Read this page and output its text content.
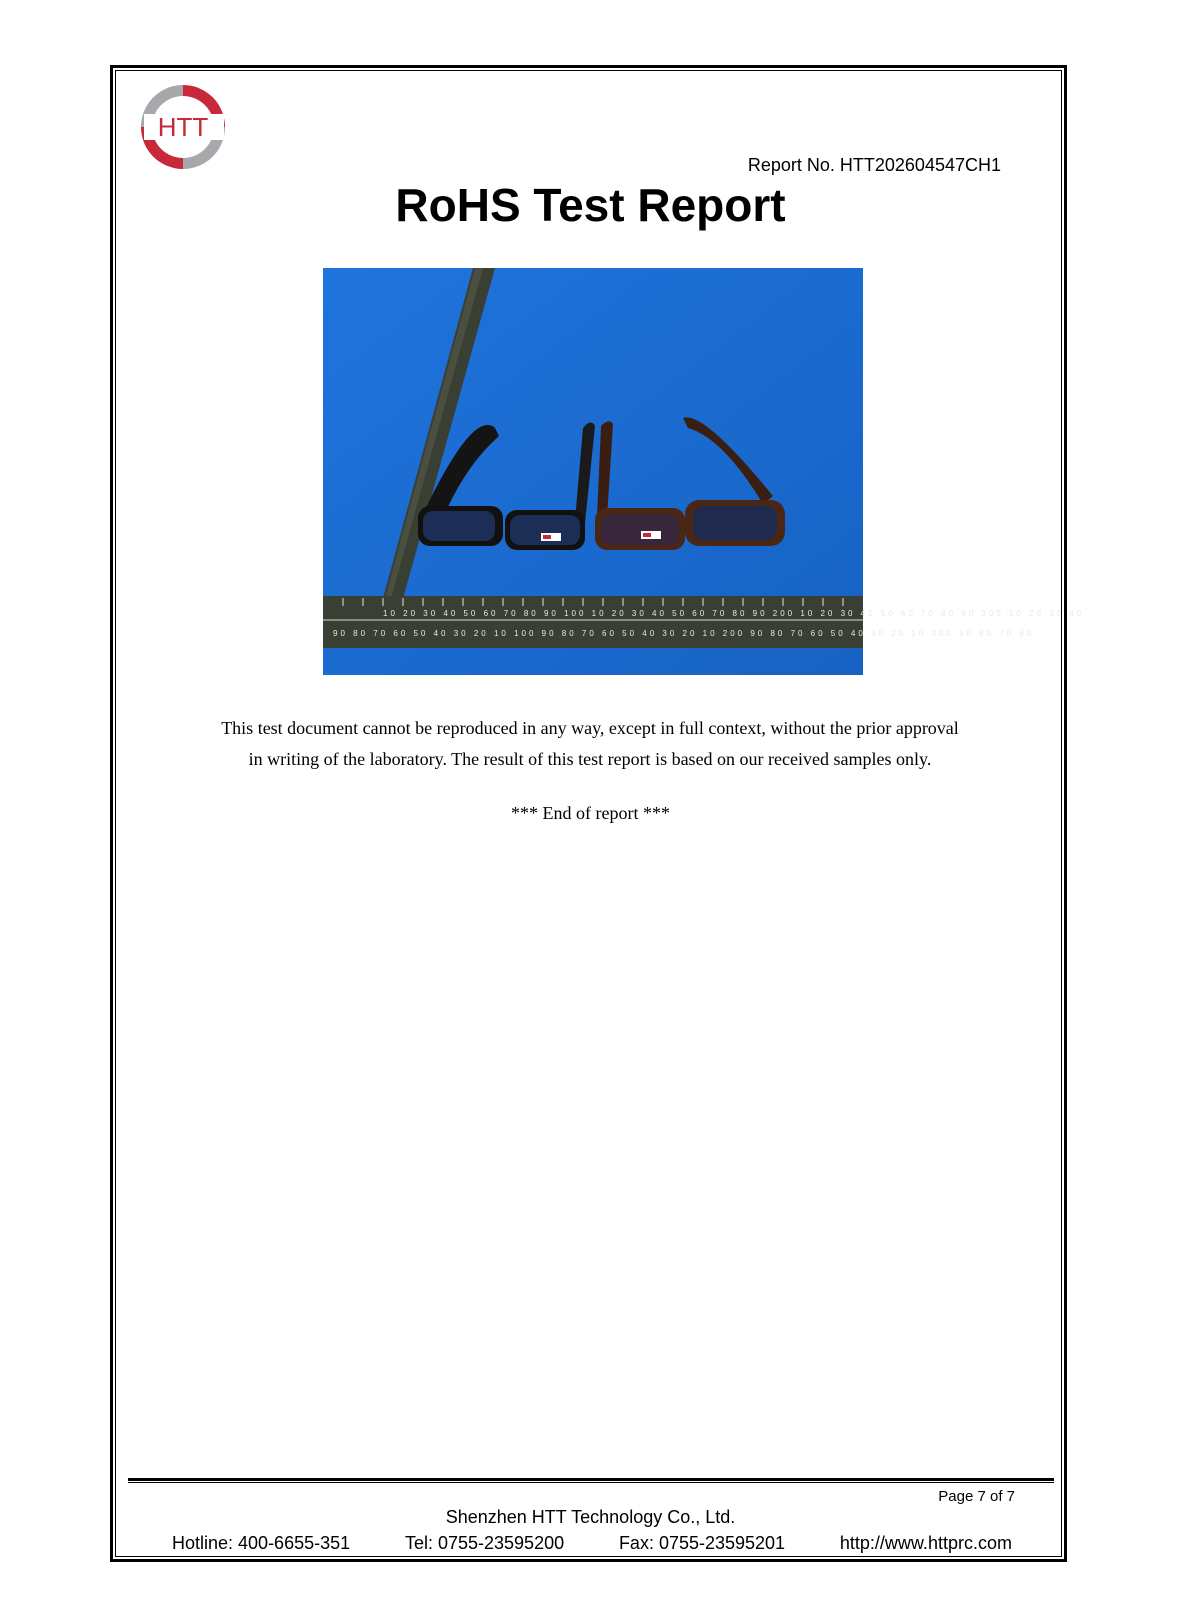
HTT
Report No. HTT202604547CH1
RoHS Test Report
10 20 30 40 50 60 70 80 90 100 10 20 30 40 50 60 70 80 90 200 10 20 30 40 50 60 70 80 90 300 10 20 30 40
90 80 70 60 50 40 30 20 10 100 90 80 70 60 50 40 30 20 10 200 90 80 70 60 50 40 30 20 10 300 90 80 70 60
This test document cannot be reproduced in any way, except in full context, without the prior approval
in writing of the laboratory. The result of this test report is based on our received samples only.
*** End of report ***
Page 7 of 7
Shenzhen HTT Technology Co., Ltd.
Hotline: 400-6655-351	Tel: 0755-23595200	Fax: 0755-23595201	http://www.httprc.com
